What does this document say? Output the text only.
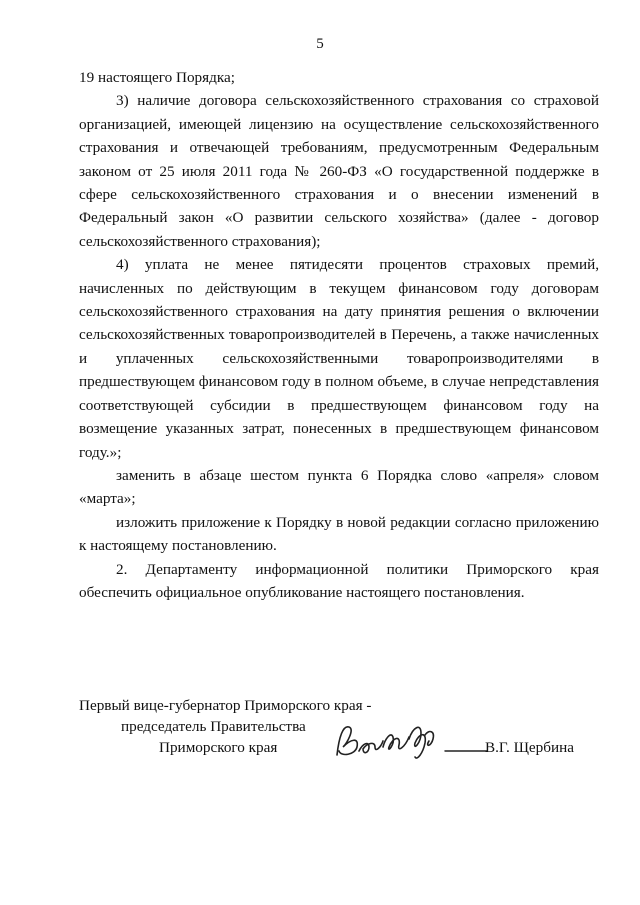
5

19 настоящего Порядка;

3) наличие договора сельскохозяйственного страхования со страховой организацией, имеющей лицензию на осуществление сельскохозяйственного страхования и отвечающей требованиям, предусмотренным Федеральным законом от 25 июля 2011 года № 260-ФЗ «О государственной поддержке в сфере сельскохозяйственного страхования и о внесении изменений в Федеральный закон «О развитии сельского хозяйства» (далее - договор сельскохозяйственного страхования);

4) уплата не менее пятидесяти процентов страховых премий, начисленных по действующим в текущем финансовом году договорам сельскохозяйственного страхования на дату принятия решения о включении сельскохозяйственных товаропроизводителей в Перечень, а также начисленных и уплаченных сельскохозяйственными товаропроизводителями в предшествующем финансовом году в полном объеме, в случае непредставления соответствующей субсидии в предшествующем финансовом году на возмещение указанных затрат, понесенных в предшествующем финансовом году.»;

заменить в абзаце шестом пункта 6 Порядка слово «апреля» словом «марта»;

изложить приложение к Порядку в новой редакции согласно приложению к настоящему постановлению.

2. Департаменту информационной политики Приморского края обеспечить официальное опубликование настоящего постановления.

Первый вице-губернатор Приморского края -
председатель Правительства
Приморского края	В.Г. Щербина
